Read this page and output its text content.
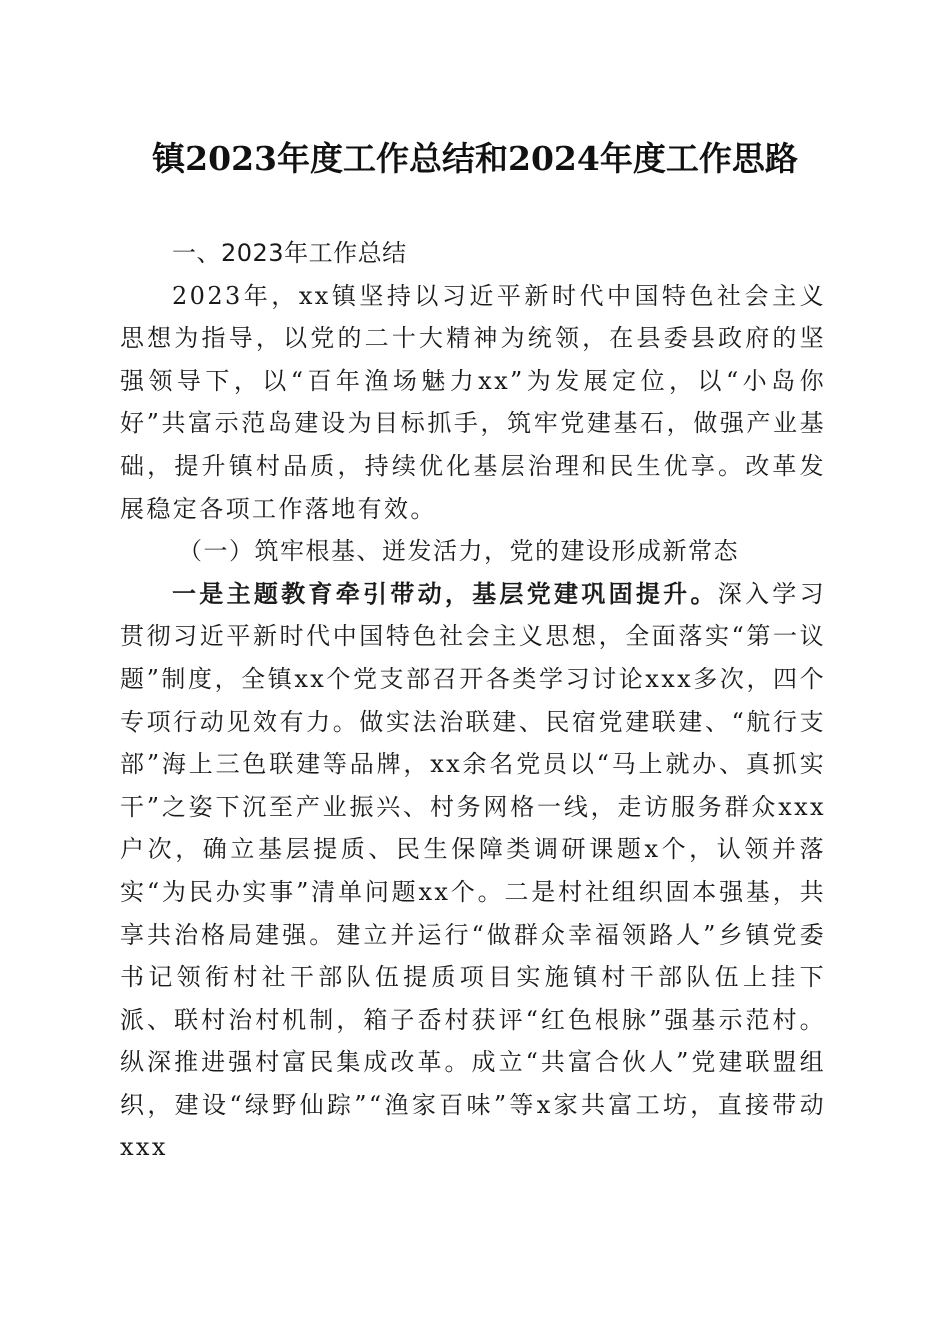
镇2023年度工作总结和2024年度工作思路

一、2023年工作总结

2023年，xx镇坚持以习近平新时代中国特色社会主义思想为指导，以党的二十大精神为统领，在县委县政府的坚强领导下，以“百年渔场魅力xx”为发展定位，以“小岛你好”共富示范岛建设为目标抓手，筑牢党建基石，做强产业基础，提升镇村品质，持续优化基层治理和民生优享。改革发展稳定各项工作落地有效。

（一）筑牢根基、迸发活力，党的建设形成新常态

一是主题教育牵引带动，基层党建巩固提升。深入学习贯彻习近平新时代中国特色社会主义思想，全面落实“第一议题”制度，全镇xx个党支部召开各类学习讨论xxx多次，四个专项行动见效有力。做实法治联建、民宿党建联建、“航行支部”海上三色联建等品牌，xx余名党员以“马上就办、真抓实干”之姿下沉至产业振兴、村务网格一线，走访服务群众xxx户次，确立基层提质、民生保障类调研课题x个，认领并落实“为民办实事”清单问题xx个。二是村社组织固本强基，共享共治格局建强。建立并运行“做群众幸福领路人”乡镇党委书记领衔村社干部队伍提质项目实施镇村干部队伍上挂下派、联村治村机制，箱子岙村获评“红色根脉”强基示范村。纵深推进强村富民集成改革。成立“共富合伙人”党建联盟组织，建设“绿野仙踪”“渔家百味”等x家共富工坊，直接带动xxx
